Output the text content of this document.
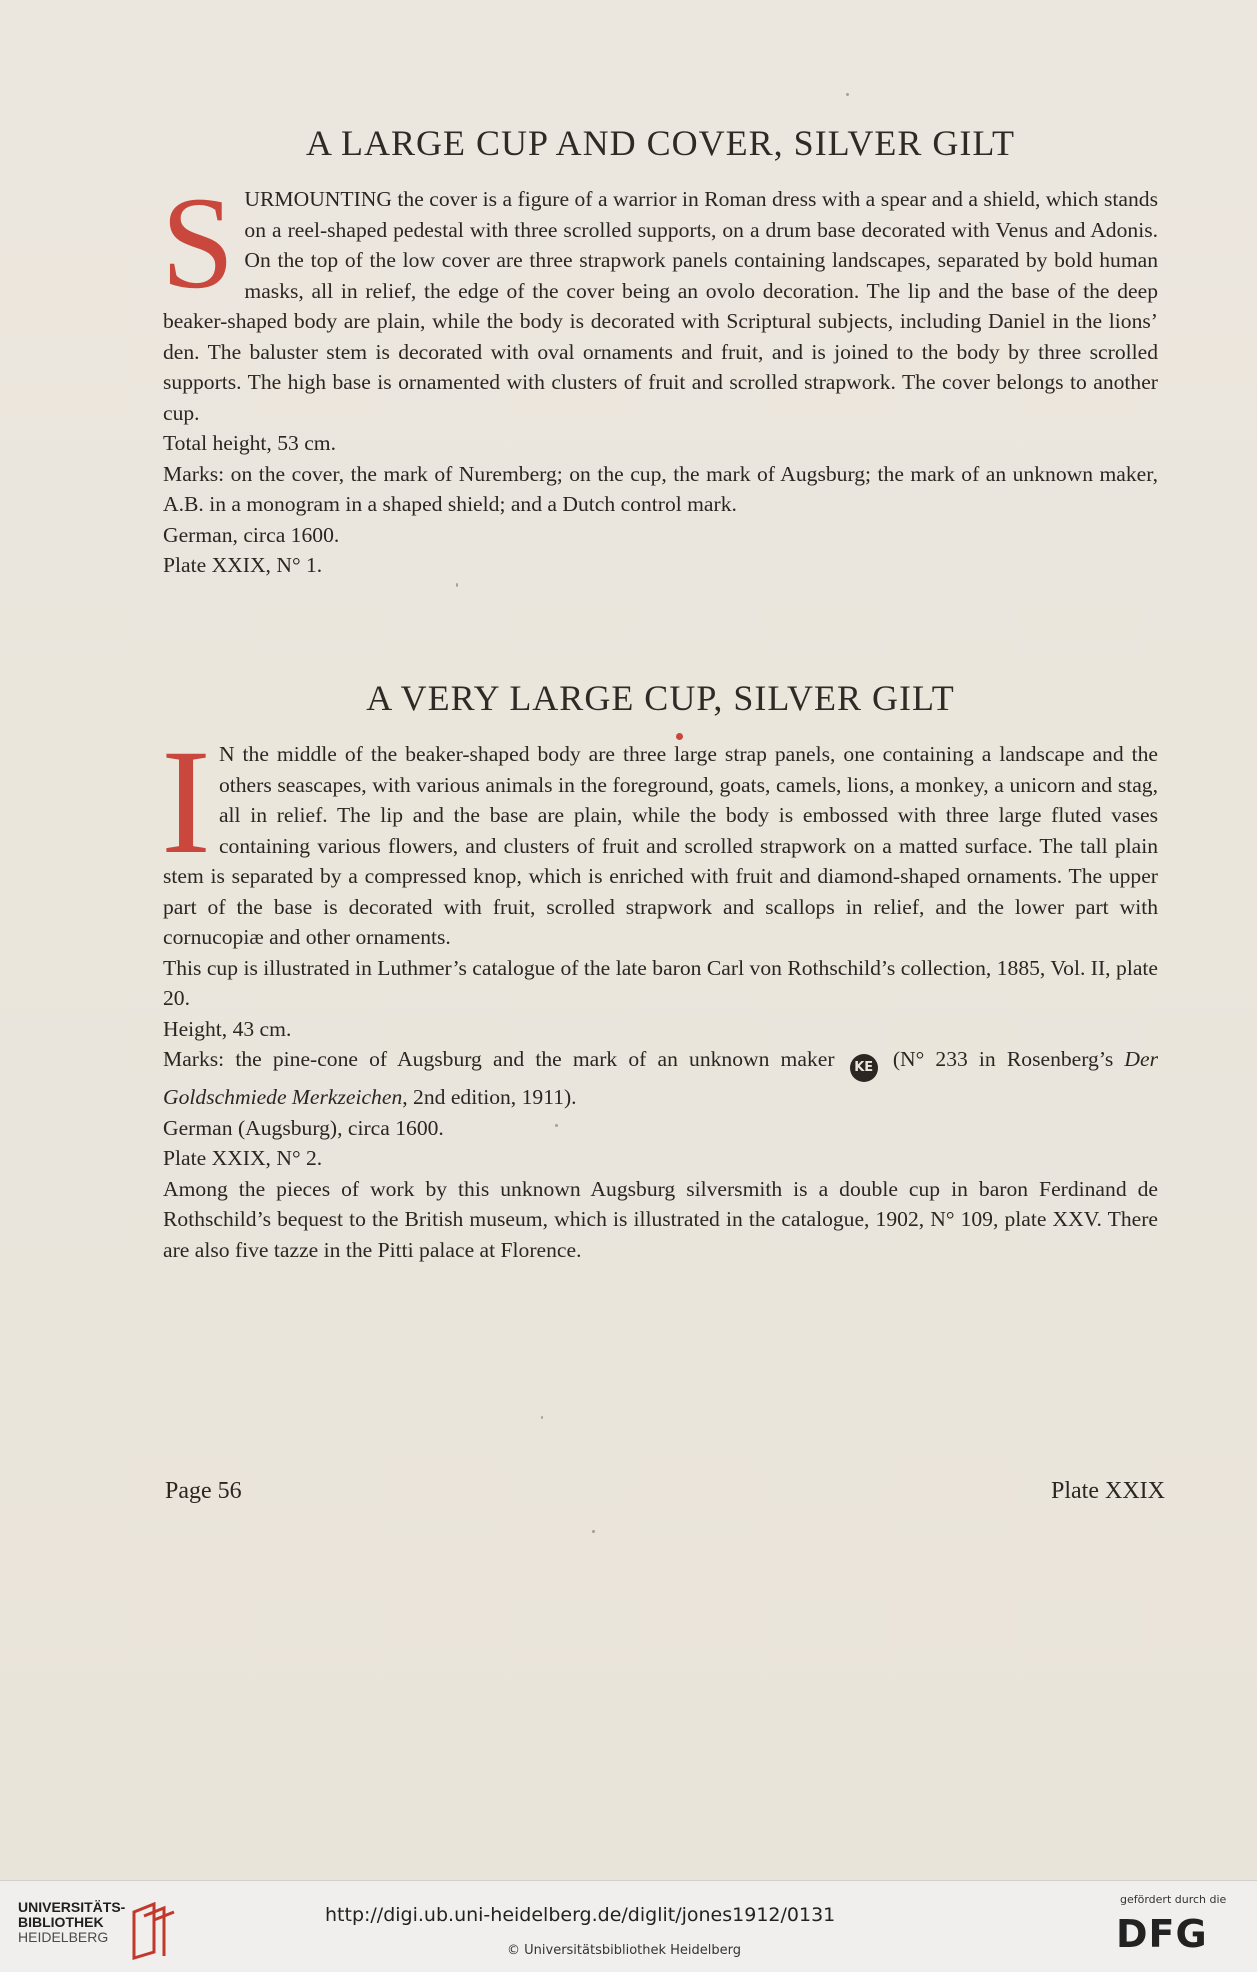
A LARGE CUP AND COVER, SILVER GILT

SURMOUNTING the cover is a figure of a warrior in Roman dress with a spear and a shield, which stands on a reel-shaped pedestal with three scrolled supports, on a drum base decorated with Venus and Adonis. On the top of the low cover are three strapwork panels containing landscapes, separated by bold human masks, all in relief, the edge of the cover being an ovolo decoration. The lip and the base of the deep beaker-shaped body are plain, while the body is decorated with Scriptural subjects, including Daniel in the lions’ den. The baluster stem is decorated with oval ornaments and fruit, and is joined to the body by three scrolled supports. The high base is ornamented with clusters of fruit and scrolled strapwork. The cover belongs to another cup.

Total height, 53 cm.

Marks: on the cover, the mark of Nuremberg; on the cup, the mark of Augsburg; the mark of an unknown maker, A.B. in a monogram in a shaped shield; and a Dutch control mark.

German, circa 1600.

Plate XXIX, N° 1.

A VERY LARGE CUP, SILVER GILT

I N the middle of the beaker-shaped body are three large strap panels, one containing a landscape and the others seascapes, with various animals in the foreground, goats, camels, lions, a monkey, a unicorn and stag, all in relief. The lip and the base are plain, while the body is embossed with three large fluted vases containing various flowers, and clusters of fruit and scrolled strapwork on a matted surface. The tall plain stem is separated by a compressed knop, which is enriched with fruit and diamond-shaped ornaments. The upper part of the base is decorated with fruit, scrolled strapwork and scallops in relief, and the lower part with cornucopiæ and other ornaments.

This cup is illustrated in Luthmer’s catalogue of the late baron Carl von Rothschild’s collection, 1885, Vol. II, plate 20.

Height, 43 cm.

Marks: the pine-cone of Augsburg and the mark of an unknown maker KE (N° 233 in Rosenberg’s Der Goldschmiede Merkzeichen, 2nd edition, 1911).

German (Augsburg), circa 1600.

Plate XXIX, N° 2.

Among the pieces of work by this unknown Augsburg silversmith is a double cup in baron Ferdinand de Rothschild’s bequest to the British museum, which is illustrated in the catalogue, 1902, N° 109, plate XXV. There are also five tazze in the Pitti palace at Florence.

Page 56	Plate XXIX
UNIVERSITÄTS-
BIBLIOTHEK
HEIDELBERG
http://digi.ub.uni-heidelberg.de/diglit/jones1912/0131
© Universitätsbibliothek Heidelberg
gefördert durch die
DFG
